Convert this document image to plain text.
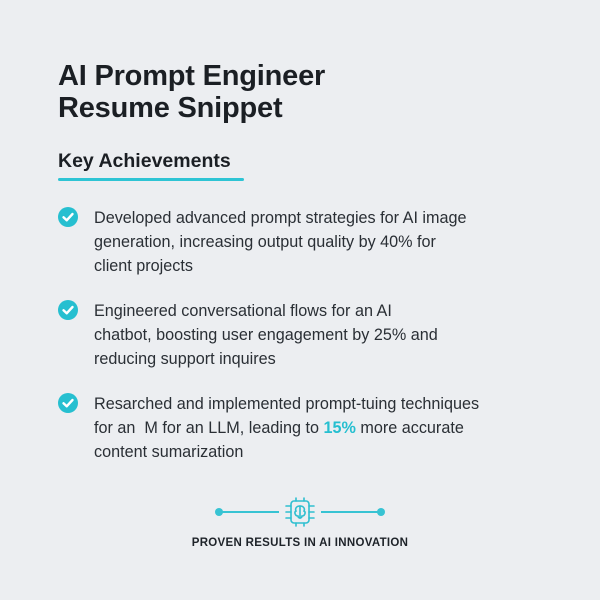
AI Prompt Engineer
Resume Snippet
Key Achievements
Developed advanced prompt strategies for AI image
generation, increasing output quality by 40% for
client projects
Engineered conversational flows for an AI
chatbot, boosting user engagement by 25% and
reducing support inquires
Resarched and implemented prompt-tuing techniques
for an  M for an LLM, leading to 15% more accurate
content sumarization
PROVEN RESULTS IN AI INNOVATION
